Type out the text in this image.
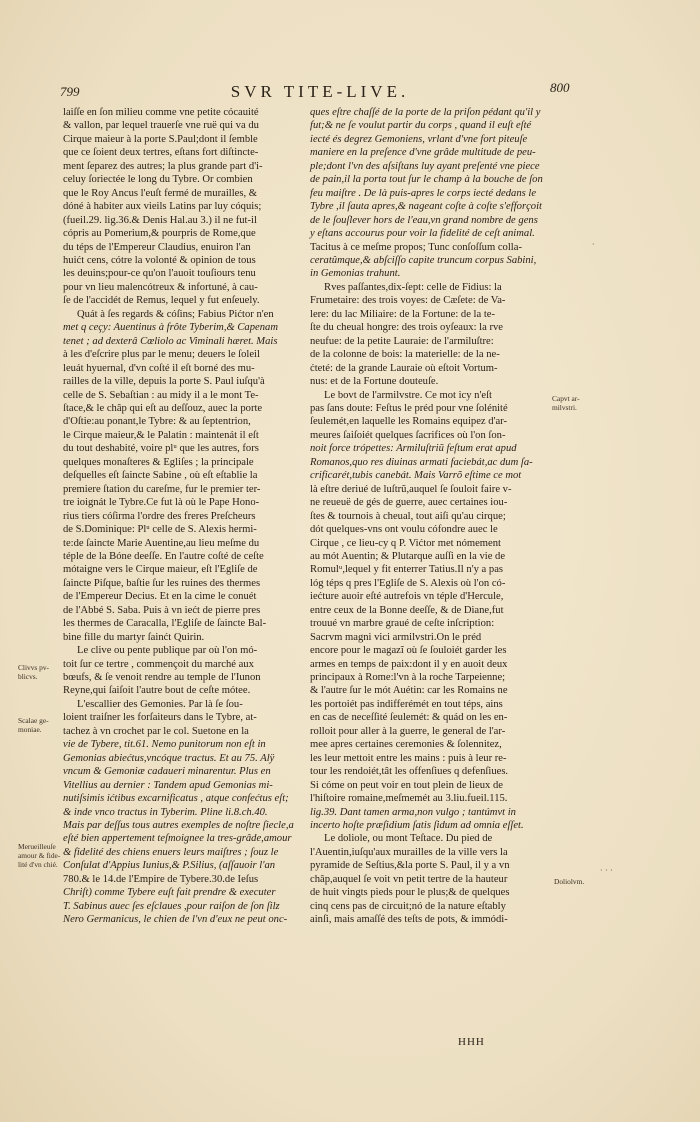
799	SVR TITE-LIVE.	800

laiſſe en ſon milieu comme vne petite cócauité

& vallon, par lequel trauerſe vne ruë qui va du

Cirque maieur à la porte S.Paul;dont il ſemble

que ce ſoient deux tertres, eſtans fort diſtincte-

ment ſeparez des autres; la plus grande part d'i-

celuy ſoriectée le long du Tybre. Or combien

que le Roy Ancus l'euſt fermé de murailles, &

dóné à habiter aux vieils Latins par luy cóquis;

(fueil.29. lig.36.& Denis Hal.au 3.) il ne fut-il

cópris au Pomerium,& pourpris de Rome,que

du téps de l'Empereur Claudius, enuiron l'an

huićt cens, cótre la volonté & opinion de tous

les deuins;pour-ce qu'on l'auoit touſiours tenu

pour vn lieu malencótreux & infortuné, à cau-

ſe de l'accidét de Remus, lequel y fut enſeuely.

Quát à ſes regards & cóſins; Fabius Pićtor n'en

met q ceçy: Auentinus à frôte Tyberim,& Capenam

tenet ; ad dexterâ Cœliolo ac Viminali hæret. Mais

à les d'eſcrire plus par le menu; deuers le ſoleil

leuát hyuernal, d'vn coſté il eſt borné des mu-

railles de la ville, depuis la porte S. Paul iuſqu'à

celle de S. Sebaſtian : au midy il a le mont Te-

ſtace,& le châp qui eſt au deſſouz, auec la porte

d'Oſtie:au ponant,le Tybre: & au ſeptentrion,

le Cirque maieur,& le Palatin : maintenát il eſt

du tout deshabité, voire plᵘ que les autres, fors

quelques monaſteres & Egliſes ; la principale

deſquelles eſt ſaincte Sabine , où eſt eſtablie la

premiere ſtation du careſme, fur le premier ter-

tre ioignát le Tybre.Ce fut là où le Pape Hono-

rius tiers cóſirma l'ordre des freres Preſcheurs

de S.Dominique: Plᵘ celle de S. Alexis hermi-

te:de ſaincte Marie Auentine,au lieu meſme du

téple de la Bóne deeſſe. En l'autre coſté de ceſte

mótaigne vers le Cirque maieur, eſt l'Egliſe de

ſaincte Piſque, baſtie ſur les ruines des thermes

de l'Empereur Decius. Et en la cime le conuét

de l'Abbé S. Saba. Puis à vn iećt de pierre pres

les thermes de Caracalla, l'Egliſe de ſaincte Bal-

bine fille du martyr ſainćt Quirin.

Le clive ou pente publique par où l'on mó-

toit ſur ce tertre , commençoit du marché aux

bœufs, & ſe venoit rendre au temple de l'Iunon

Reyne,qui ſaiſoit l'autre bout de ceſte mótee.

L'escallier des Gemonies. Par là ſe ſou-

loient traiſner les forſaiteurs dans le Tybre, at-

tachez à vn crochet par le col. Suetone en la

vie de Tybere, tit.61. Nemo punitorum non eſt in

Gemonias abiećtus,vncóque tractus. Et au 75. Alÿ

vncum & Gemoniæ cadaueri minarentur. Plus en

Vitellius au dernier : Tandem apud Gemonias mi-

nutiſsimis ićtibus excarnificatus , atque confećtus eſt;

& inde vnco tractus in Tyberim. Pline li.8.ch.40.

Mais par deſſus tous autres exemples de noſtre ſiecle,a

eſté bien appertement teſmoignee la tres-grâde,amour

& fidelité des chiens enuers leurs maiſtres ; ſouz le

Conſulat d'Appius Iunius,& P.Silius, (aſſauoir l'an

780.& le 14.de l'Empire de Tybere.30.de Ieſus

Chriſt) comme Tybere euſt fait prendre & executer

T. Sabinus auec ſes eſclaues ,pour raiſon de ſon ſilz

Nero Germanicus, le chien de l'vn d'eux ne peut onc-

ques eſtre chaſſé de la porte de la priſon pédant qu'il y

fut;& ne ſe voulut partir du corps , quand il euſt eſté

iecté és degrez Gemoniens, vrlant d'vne fort piteuſe

maniere en la preſence d'vne grâde multitude de peu-

ple;dont l'vn des aſsiſtans luy ayant preſenté vne piece

de pain,il la porta tout ſur le champ à la bouche de ſon

feu maiſtre . De là puis-apres le corps iecté dedans le

Tybre ,il ſauta apres,& nageant coſte à coſte s'efforçoit

de le ſouſlever hors de l'eau,vn grand nombre de gens

y eſtans accourus pour voir la fidelité de ceſt animal.

Tacitus à ce meſme propos; Tunc conſoſſum colla-

ceratûmque,& abſciſſo capite truncum corpus Sabini,

in Gemonias trahunt.

Rves paſſantes,dix-ſept: celle de Fidius: la

Frumetaire: des trois voyes: de Cæſete: de Va-

lere: du lac Miliaire: de la Fortune: de la te-

ſte du cheual hongre: des trois oyſeaux: la rve

neufue: de la petite Lauraie: de l'armiluſtre:

de la colonne de bois: la materielle: de la ne-

ćteté: de la grande Lauraie où eſtoit Vortum-

nus: et de la Fortune douteuſe.

Le bovt de l'armilvstre. Ce mot icy n'eſt

pas ſans doute: Feſtus le préd pour vne ſolénité

ſeulemét,en laquelle les Romains equipez d'ar-

meures ſaiſoiét quelques ſacrifices où l'on ſon-

noit force trópettes: Armiluſtriũ feſtum erat apud

Romanos,quo res diuinas armati faciebát,ac dum ſa-

crificarét,tubis canebát. Mais Varrõ eſtime ce mot

là eſtre deriué de luſtrũ,auquel ſe ſouloit faire v-

ne reueuë de gés de guerre, auec certaines iou-

ſtes & tournois à cheual, tout aiſi qu'au cirque;

dót quelques-vns ont voulu cófondre auec le

Cirque , ce lieu-cy q P. Vićtor met nómement

au mót Auentin; & Plutarque auſſi en la vie de

Romulᵘ,lequel y fit enterrer Tatius.Il n'y a pas

lóg téps q pres l'Egliſe de S. Alexis où l'on có-

iećture auoir eſté autrefois vn téple d'Hercule,

entre ceux de la Bonne deeſſe, & de Diane,fut

trouué vn marbre graué de ceſte inſcription:

Sacrvm magni vici armilvstri.On le préd

encore pour le magazĩ où ſe ſouloiét garder les

armes en temps de paix:dont il y en auoit deux

principaux à Rome:l'vn à la roche Tarpeienne;

& l'autre ſur le mót Auétin: car les Romains ne

les portoiét pas indifferémét en tout téps, ains

en cas de neceſſité ſeulemét: & quád on les en-

rolloit pour aller à la guerre, le general de l'ar-

mee apres certaines ceremonies & ſolennitez,

les leur mettoit entre les mains : puis à leur re-

tour les rendoiét,tât les offenſiues q defenſiues.

Si cóme on peut voir en tout plein de lieux de

l'hiſtoire romaine,meſmemét au 3.liu.fueil.115.

lig.39. Dant tamen arma,non vulgo ; tantúmvt in

incerto hoſte præſidium ſatis ſidum ad omnia eſſet.

Le doliole, ou mont Teſtace. Du pied de

l'Auentin,iuſqu'aux murailles de la ville vers la

pyramide de Seſtius,&la porte S. Paul, il y a vn

châp,auquel ſe voit vn petit tertre de la hauteur

de huit vingts pieds pour le plus;& de quelques

cinq cens pas de circuit;nó de la nature eſtably

ainſi, mais amaſſé des teſts de pots, & immódi-

Clivvs pv-
blicvs.
Scalae ge-
moniae.
Merueilleuſe
amour & fide-
lité d'vn chié.
Capvt ar-
milvstri.
Doliolvm.
HHH
· · ·
·
